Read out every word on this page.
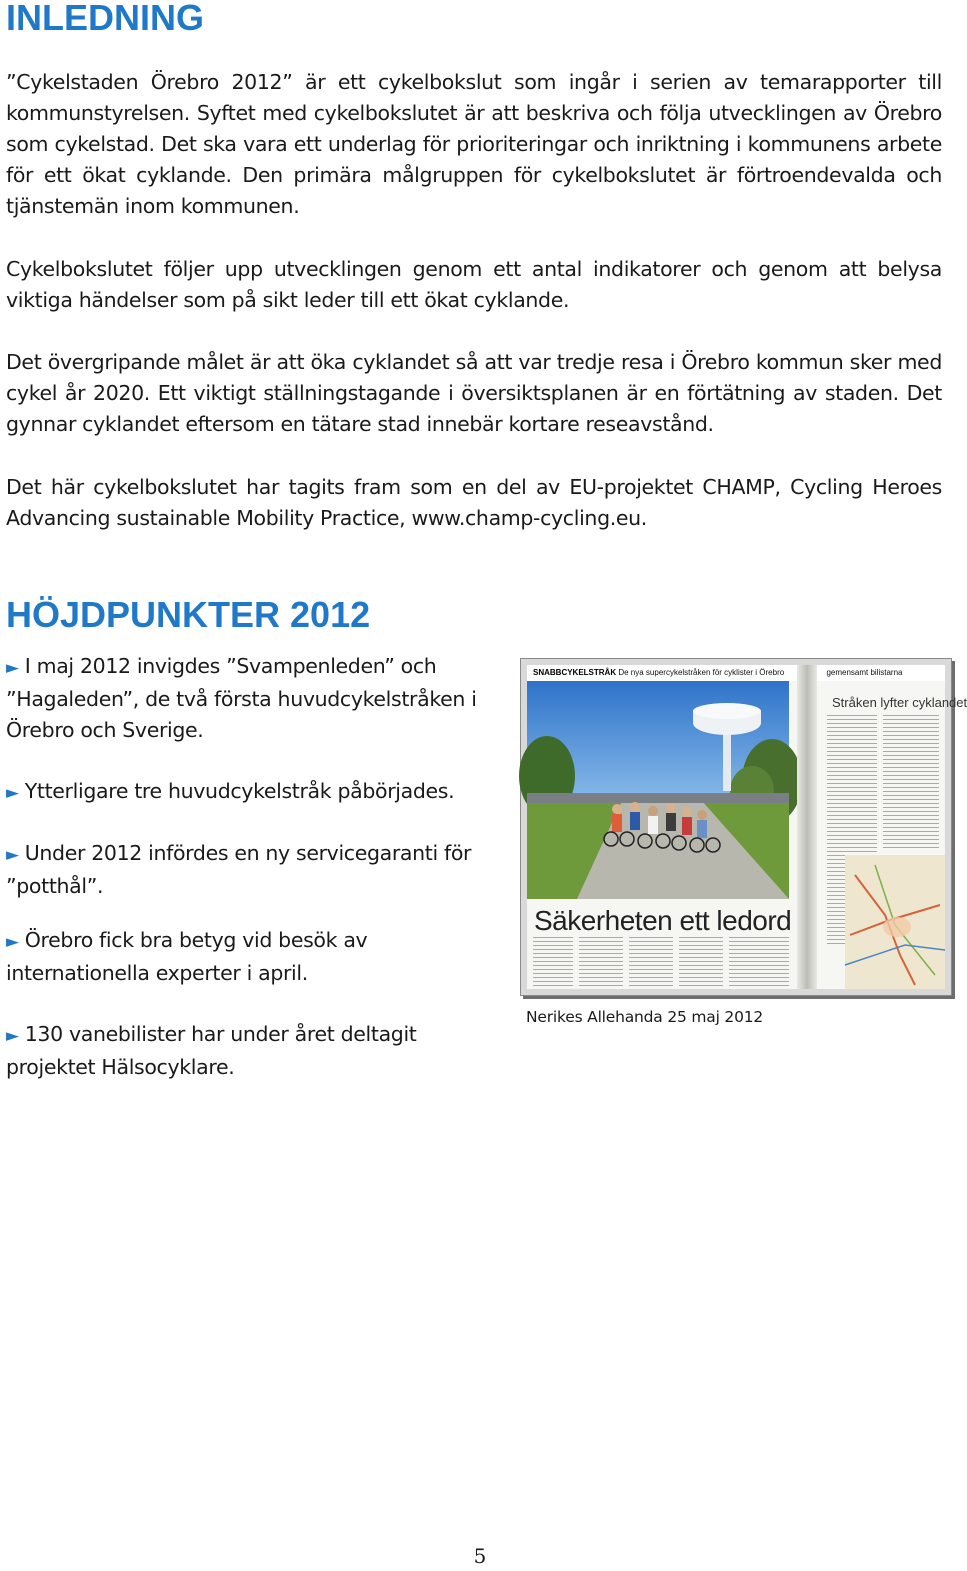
INLEDNING

”Cykelstaden Örebro 2012” är ett cykelbokslut som ingår i serien av temarapporter till kommunstyrelsen. Syftet med cykelbokslutet är att beskriva och följa utvecklingen av Örebro som cykelstad. Det ska vara ett underlag för prioriteringar och inriktning i kommunens arbete för ett ökat cyklande. Den primära målgruppen för cykelbokslutet är förtroendevalda och tjänstemän inom kommunen.

Cykelbokslutet följer upp utvecklingen genom ett antal indikatorer och genom att belysa viktiga händelser som på sikt leder till ett ökat cyklande.

Det övergripande målet är att öka cyklandet så att var tredje resa i Örebro kommun sker med cykel år 2020. Ett viktigt ställningstagande i översiktsplanen är en förtätning av staden. Det gynnar cyklandet eftersom en tätare stad innebär kortare reseavstånd.

Det här cykelbokslutet har tagits fram som en del av EU-projektet CHAMP, Cycling Heroes Advancing sustainable Mobility Practice, www.champ-cycling.eu.

HÖJDPUNKTER 2012

► I maj 2012 invigdes ”Svampenleden” och ”Hagaleden”, de två första huvudcykelstråken i Örebro och Sverige.

► Ytterligare tre huvudcykelstråk påbörjades.

► Under 2012 infördes en ny servicegaranti för ”potthål”.

► Örebro fick bra betyg vid besök av internationella experter i april.

► 130 vanebilister har under året deltagit projektet Hälsocyklare.

SNABBCYKELSTRÅK De nya supercykelstråken för cyklister i Örebro	gemensamt bilistarna
Säkerheten ett ledord
Stråken lyfter cyklandet

Nerikes Allehanda 25 maj 2012

5
